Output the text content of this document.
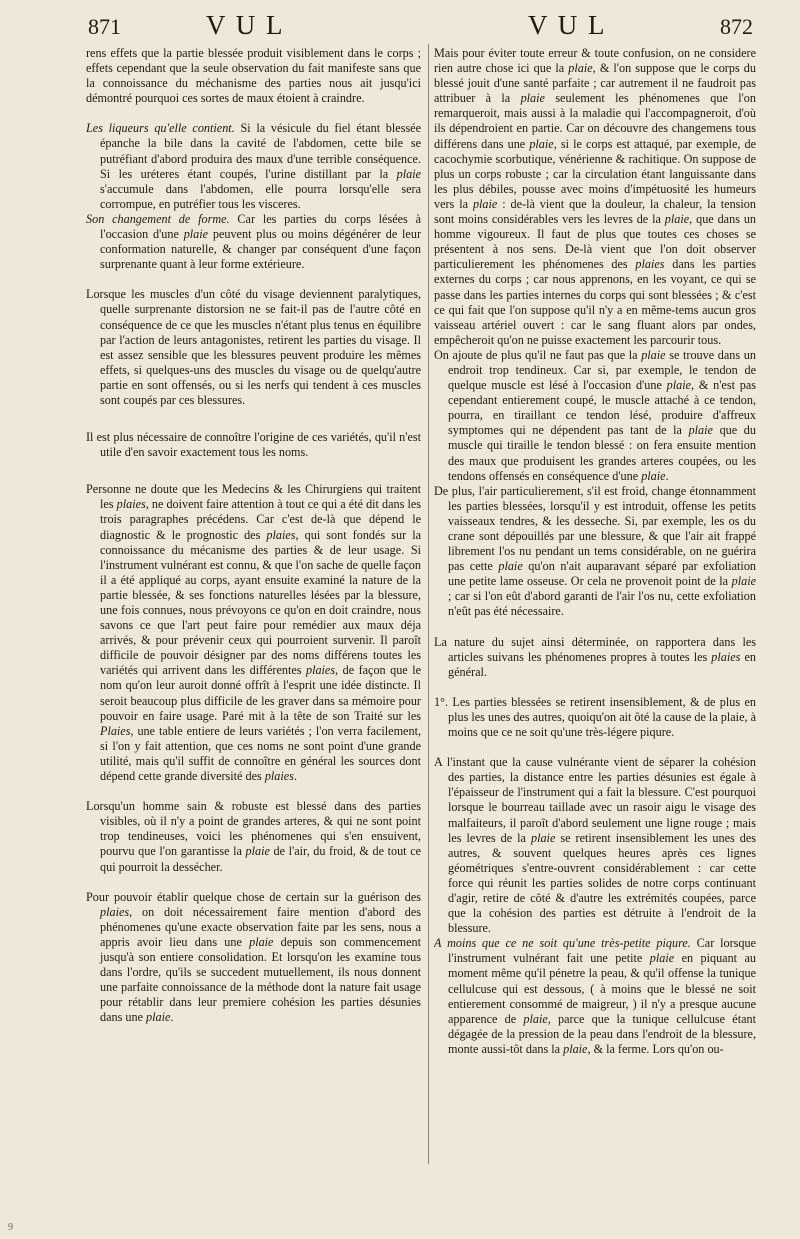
871	V U L	V U L	872

rens effets que la partie blessée produit visiblement dans le corps ; effets cependant que la seule observation du fait manifeste sans que la connoissance du méchanisme des parties nous ait jusqu'ici démontré pourquoi ces sortes de maux étoient à craindre.

Les liqueurs qu'elle contient. Si la vésicule du fiel étant blessée épanche la bile dans la cavité de l'abdomen, cette bile se putréfiant d'abord produira des maux d'une terrible conséquence. Si les uréteres étant coupés, l'urine distillant par la plaie s'accumule dans l'abdomen, elle pourra lorsqu'elle sera corrompue, en putréfier tous les visceres.

Son changement de forme. Car les parties du corps lésées à l'occasion d'une plaie peuvent plus ou moins dégénérer de leur conformation naturelle, & changer par conséquent d'une façon surprenante quant à leur forme extérieure.

Lorsque les muscles d'un côté du visage deviennent paralytiques, quelle surprenante distorsion ne se fait-il pas de l'autre côté en conséquence de ce que les muscles n'étant plus tenus en équilibre par l'action de leurs antagonistes, retirent les parties du visage. Il est assez sensible que les blessures peuvent produire les mêmes effets, si quelques-uns des muscles du visage ou de quelqu'autre partie en sont offensés, ou si les nerfs qui tendent à ces muscles sont coupés par ces blessures.

Il est plus nécessaire de connoître l'origine de ces variétés, qu'il n'est utile d'en savoir exactement tous les noms.

Personne ne doute que les Medecins & les Chirurgiens qui traitent les plaies, ne doivent faire attention à tout ce qui a été dit dans les trois paragraphes précédens. Car c'est de-là que dépend le diagnostic & le prognostic des plaies, qui sont fondés sur la connoissance du mécanisme des parties & de leur usage. Si l'instrument vulnérant est connu, & que l'on sache de quelle façon il a été appliqué au corps, ayant ensuite examiné la nature de la partie blessée, & ses fonctions naturelles lésées par la blessure, une fois connues, nous prévoyons ce qu'on en doit craindre, nous savons ce que l'art peut faire pour remédier aux maux déja arrivés, & pour prévenir ceux qui pourroient survenir. Il paroît difficile de pouvoir désigner par des noms différens toutes les variétés qui arrivent dans les différentes plaies, de façon que le nom qu'on leur auroit donné offrît à l'esprit une idée distincte. Il seroit beaucoup plus difficile de les graver dans sa mémoire pour pouvoir en faire usage. Paré mit à la tête de son Traité sur les Plaies, une table entiere de leurs variétés ; l'on verra facilement, si l'on y fait attention, que ces noms ne sont point d'une grande utilité, mais qu'il suffit de connoître en général les sources dont dépend cette grande diversité des plaies.

Lorsqu'un homme sain & robuste est blessé dans des parties visibles, où il n'y a point de grandes arteres, & qui ne sont point trop tendineuses, voici les phénomenes qui s'en ensuivent, pourvu que l'on garantisse la plaie de l'air, du froid, & de tout ce qui pourroit la dessécher.

Pour pouvoir établir quelque chose de certain sur la guérison des plaies, on doit nécessairement faire mention d'abord des phénomenes qu'une exacte observation faite par les sens, nous a appris avoir lieu dans une plaie depuis son commencement jusqu'à son entiere consolidation. Et lorsqu'on les examine tous dans l'ordre, qu'ils se succedent mutuellement, ils nous donnent une parfaite connoissance de la méthode dont la nature fait usage pour rétablir dans leur premiere cohésion les parties désunies dans une plaie.

Mais pour éviter toute erreur & toute confusion, on ne considere rien autre chose ici que la plaie, & l'on suppose que le corps du blessé jouit d'une santé parfaite ; car autrement il ne faudroit pas attribuer à la plaie seulement les phénomenes que l'on remarqueroit, mais aussi à la maladie qui l'accompagneroit, d'où ils dépendroient en partie. Car on découvre des changemens tous différens dans une plaie, si le corps est attaqué, par exemple, de cacochymie scorbutique, vénérienne & rachitique. On suppose de plus un corps robuste ; car la circulation étant languissante dans les plus débiles, pousse avec moins d'impétuosité les humeurs vers la plaie : de-là vient que la douleur, la chaleur, la tension sont moins considérables vers les levres de la plaie, que dans un homme vigoureux. Il faut de plus que toutes ces choses se présentent à nos sens. De-là vient que l'on doit observer particulierement les phénomenes des plaies dans les parties externes du corps ; car nous apprenons, en les voyant, ce qui se passe dans les parties internes du corps qui sont blessées ; & c'est ce qui fait que l'on suppose qu'il n'y a en même-tems aucun gros vaisseau artériel ouvert : car le sang fluant alors par ondes, empêcheroit qu'on ne puisse exactement les parcourir tous.

On ajoute de plus qu'il ne faut pas que la plaie se trouve dans un endroit trop tendineux. Car si, par exemple, le tendon de quelque muscle est lésé à l'occasion d'une plaie, & n'est pas cependant entierement coupé, le muscle attaché à ce tendon, pourra, en tiraillant ce tendon lésé, produire d'affreux symptomes qui ne dépendent pas tant de la plaie que du muscle qui tiraille le tendon blessé : on fera ensuite mention des maux que produisent les grandes arteres coupées, ou les tendons offensés en conséquence d'une plaie.

De plus, l'air particulierement, s'il est froid, change étonnamment les parties blessées, lorsqu'il y est introduit, offense les petits vaisseaux tendres, & les desseche. Si, par exemple, les os du crane sont dépouillés par une blessure, & que l'air ait frappé librement l'os nu pendant un tems considérable, on ne guérira pas cette plaie qu'on n'ait auparavant séparé par exfoliation une petite lame osseuse. Or cela ne provenoit point de la plaie ; car si l'on eût d'abord garanti de l'air l'os nu, cette exfoliation n'eût pas été nécessaire.

La nature du sujet ainsi déterminée, on rapportera dans les articles suivans les phénomenes propres à toutes les plaies en général.

1°. Les parties blessées se retirent insensiblement, & de plus en plus les unes des autres, quoiqu'on ait ôté la cause de la plaie, à moins que ce ne soit qu'une très-légere piqure.

A l'instant que la cause vulnérante vient de séparer la cohésion des parties, la distance entre les parties désunies est égale à l'épaisseur de l'instrument qui a fait la blessure. C'est pourquoi lorsque le bourreau taillade avec un rasoir aigu le visage des malfaiteurs, il paroît d'abord seulement une ligne rouge ; mais les levres de la plaie se retirent insensiblement les unes des autres, & souvent quelques heures après ces lignes géométriques s'entre-ouvrent considérablement : car cette force qui réunit les parties solides de notre corps continuant d'agir, retire de côté & d'autre les extrémités coupées, parce que la cohésion des parties est détruite à l'endroit de la blessure.

A moins que ce ne soit qu'une très-petite piqure. Car lorsque l'instrument vulnérant fait une petite plaie en piquant au moment même qu'il pénetre la peau, & qu'il offense la tunique cellulcuse qui est dessous, ( à moins que le blessé ne soit entierement consommé de maigreur, ) il n'y a presque aucune apparence de plaie, parce que la tunique cellulcuse étant dégagée de la pression de la peau dans l'endroit de la blessure, monte aussi-tôt dans la plaie, & la ferme. Lors qu'on ou-

9
